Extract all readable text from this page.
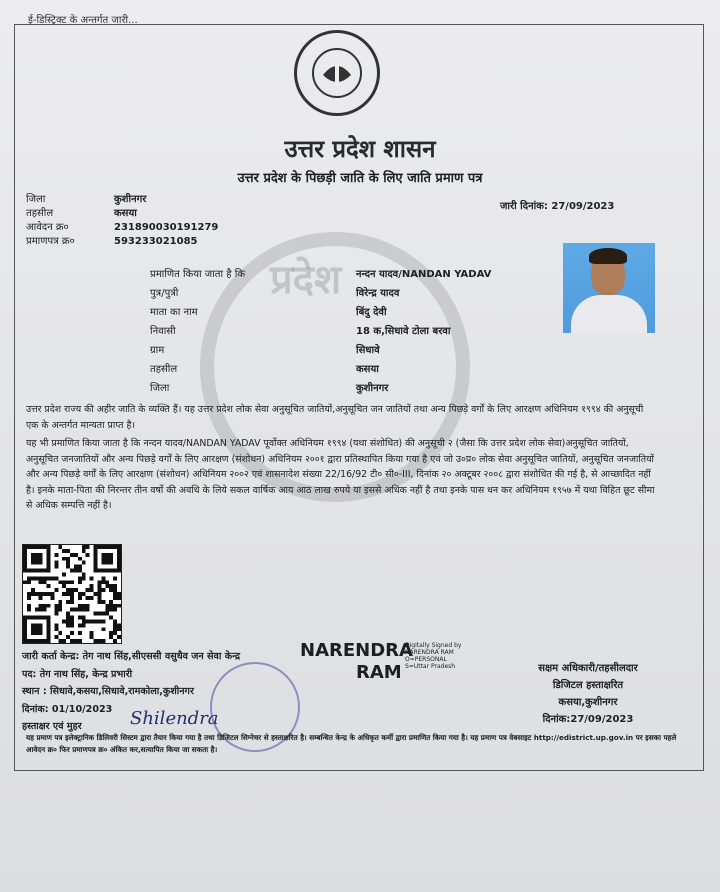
ई-डिस्ट्रिक्ट के अन्तर्गत जारी...
प्रदेश
उत्तर प्रदेश शासन
उत्तर प्रदेश के पिछड़ी जाति के लिए जाति प्रमाण पत्र
जिला	कुशीनगर
तहसील	कसया
आवेदन क्र०	231890030191279
प्रमाणपत्र क्र०	593233021085
जारी दिनांक: 27/09/2023
प्रमाणित किया जाता है कि	नन्दन यादव/NANDAN YADAV
पुत्र/पुत्री	विरेन्द्र यादव
माता का नाम	बिंदु देवी
निवासी	18 क,सिधावे टोला बरवा
ग्राम	सिधावे
तहसील	कसया
जिला	कुशीनगर
उत्तर प्रदेश राज्य की अहीर जाति के व्यक्ति हैं। यह उत्तर प्रदेश लोक सेवा अनुसूचित जातियों,अनुसूचित जन जातियों तथा अन्य पिछड़े वर्गों के लिए आरक्षण अधिनियम १९९४ की अनुसूची एक के अन्तर्गत मान्यता प्राप्त है।
यह भी प्रमाणित किया जाता है कि नन्दन यादव/NANDAN YADAV पूर्वोक्त अधिनियम १९९४ (यथा संशोधित) की अनुसूची २ (जैसा कि उत्तर प्रदेश लोक सेवा)अनुसूचित जातियों, अनुसूचित जनजातियों और अन्य पिछड़े वर्गों के लिए आरक्षण (संशोधन) अधिनियम २००१ द्वारा प्रतिस्थापित किया गया है एवं जो उ०प्र० लोक सेवा अनुसूचित जातियों, अनुसूचित जनजातियों और अन्य पिछड़े वर्गों के लिए आरक्षण (संशोधन) अधिनियम २००२ एवं शासनादेश संख्या 22/16/92 टी० सी०-III, दिनांक २० अक्टूबर २००८ द्वारा संशोधित की गई है, से आच्छादित नहीं है। इनके माता-पिता की निरन्तर तीन वर्षो की अवधि के लिये सकल वार्षिक आय आठ लाख रुपये या इससे अधिक नहीं है तथा इनके पास धन कर अधिनियम १९५७ में यथा विहित छूट सीमा से अधिक सम्पत्ति नहीं है।
जारी कर्ता केन्द्र: तेग नाथ सिंह,सीएससी वसुधैव जन सेवा केन्द्र
पद: तेग नाथ सिंह, केन्द्र प्रभारी
स्थान : सिधावे,कसया,सिधावे,रामकोला,कुशीनगर
दिनांक: 01/10/2023
हस्ताक्षर एवं मुहर	Shilendra
NARENDRA
RAM
Digitally Signed by
NARENDRA RAM
O=PERSONAL
S=Uttar Pradesh	सक्षम अधिकारी/तहसीलदार
डिजिटल हस्ताक्षरित
कसया,कुशीनगर
दिनांक:27/09/2023
यह प्रमाण पत्र इलेक्ट्रानिक डिलिवरी सिस्टम द्वारा तैयार किया गया है तथा डिजिटल सिग्नेचर से हस्ताक्षरित है। सम्बन्धित केन्द्र के अधिकृत कर्मी द्वारा प्रमाणित किया गया है। यह प्रमाण पत्र वेबसाइट http://edistrict.up.gov.in पर इसका पहले आवेदन क्र० फिर प्रमाणपत्र क्र० अंकित कर,सत्यापित किया जा सकता है।
